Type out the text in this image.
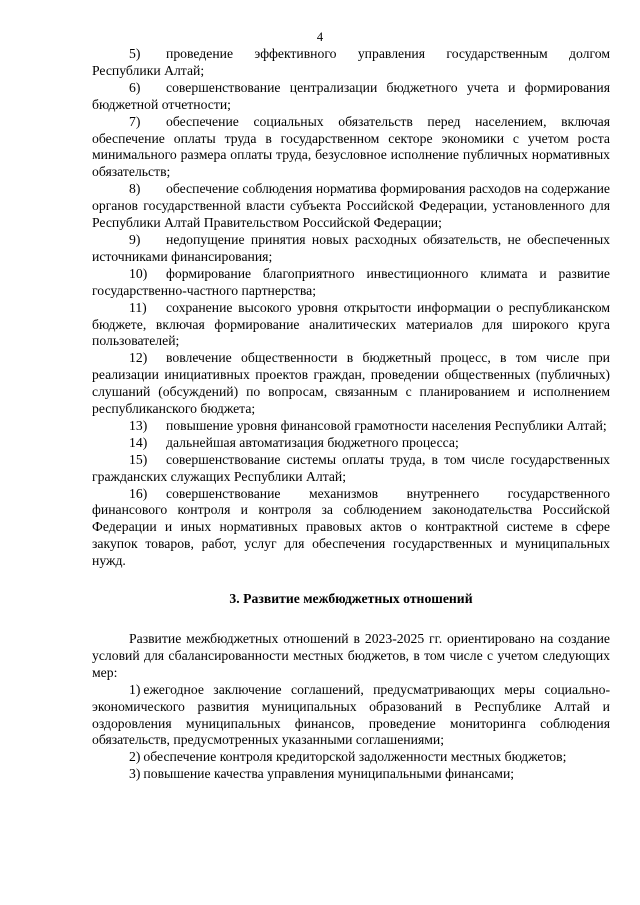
4

5) проведение эффективного управления государственным долгом Республики Алтай;

6) совершенствование централизации бюджетного учета и формирования бюджетной отчетности;

7) обеспечение социальных обязательств перед населением, включая обеспечение оплаты труда в государственном секторе экономики с учетом роста минимального размера оплаты труда, безусловное исполнение публичных нормативных обязательств;

8) обеспечение соблюдения норматива формирования расходов на содержание органов государственной власти субъекта Российской Федерации, установленного для Республики Алтай Правительством Российской Федерации;

9) недопущение принятия новых расходных обязательств, не обеспеченных источниками финансирования;

10) формирование благоприятного инвестиционного климата и развитие государственно-частного партнерства;

11) сохранение высокого уровня открытости информации о республиканском бюджете, включая формирование аналитических материалов для широкого круга пользователей;

12) вовлечение общественности в бюджетный процесс, в том числе при реализации инициативных проектов граждан, проведении общественных (публичных) слушаний (обсуждений) по вопросам, связанным с планированием и исполнением республиканского бюджета;

13) повышение уровня финансовой грамотности населения Республики Алтай;

14) дальнейшая автоматизация бюджетного процесса;

15) совершенствование системы оплаты труда, в том числе государственных гражданских служащих Республики Алтай;

16) совершенствование механизмов внутреннего государственного финансового контроля и контроля за соблюдением законодательства Российской Федерации и иных нормативных правовых актов о контрактной системе в сфере закупок товаров, работ, услуг для обеспечения государственных и муниципальных нужд.

3. Развитие межбюджетных отношений

Развитие межбюджетных отношений в 2023-2025 гг. ориентировано на создание условий для сбалансированности местных бюджетов, в том числе с учетом следующих мер:

1) ежегодное заключение соглашений, предусматривающих меры социально-экономического развития муниципальных образований в Республике Алтай и оздоровления муниципальных финансов, проведение мониторинга соблюдения обязательств, предусмотренных указанными соглашениями;

2) обеспечение контроля кредиторской задолженности местных бюджетов;

3) повышение качества управления муниципальными финансами;
